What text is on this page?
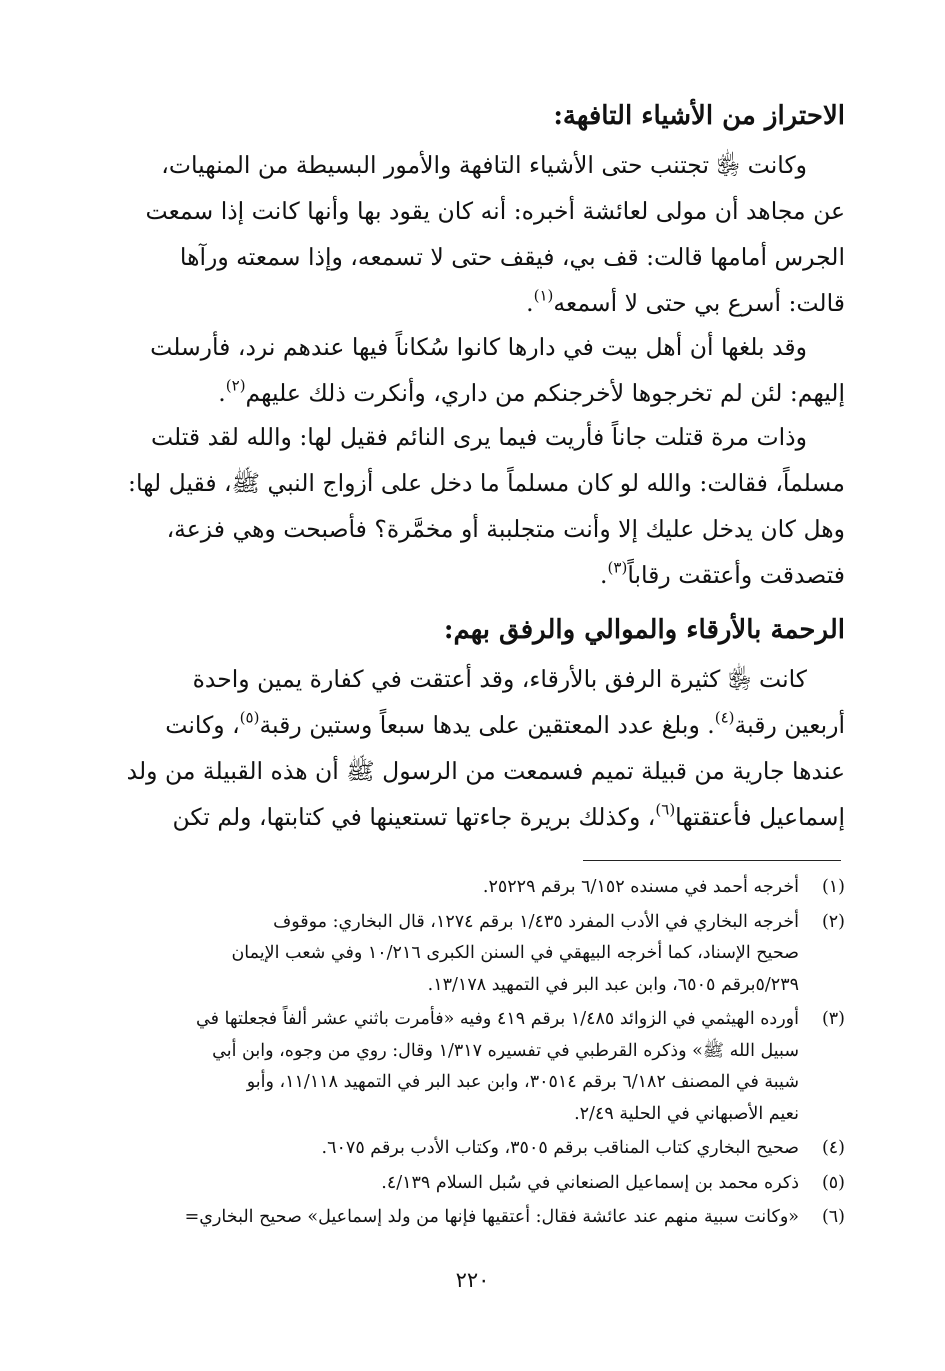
الاحتراز من الأشياء التافهة:

وكانت ﵂ تجتنب حتى الأشياء التافهة والأمور البسيطة من المنهيات،
عن مجاهد أن مولى لعائشة أخبره: أنه كان يقود بها وأنها كانت إذا سمعت
الجرس أمامها قالت: قف بي، فيقف حتى لا تسمعه، وإذا سمعته ورآها
قالت: أسرع بي حتى لا أسمعه$^{(١)}$.

وقد بلغها أن أهل بيت في دارها كانوا سُكاناً فيها عندهم نرد، فأرسلت
إليهم: لئن لم تخرجوها لأخرجنكم من داري، وأنكرت ذلك عليهم$^{(٢)}$.

وذات مرة قتلت جاناً فأريت فيما يرى النائم فقيل لها: والله لقد قتلت
مسلماً، فقالت: والله لو كان مسلماً ما دخل على أزواج النبي ﷺ، فقيل لها:
وهل كان يدخل عليك إلا وأنت متجلببة أو مخمَّرة؟ فأصبحت وهي فزعة،
فتصدقت وأعتقت رقاباً$^{(٣)}$.

الرحمة بالأرقاء والموالي والرفق بهم:

كانت ﵂ كثيرة الرفق بالأرقاء، وقد أعتقت في كفارة يمين واحدة
أربعين رقبة$^{(٤)}$. وبلغ عدد المعتقين على يدها سبعاً وستين رقبة$^{(٥)}$، وكانت
عندها جارية من قبيلة تميم فسمعت من الرسول ﷺ أن هذه القبيلة من ولد
إسماعيل فأعتقتها$^{(٦)}$، وكذلك بريرة جاءتها تستعينها في كتابتها، ولم تكن

(١)
أخرجه أحمد في مسنده ٦/١٥٢ برقم ٢٥٢٢٩.
(٢)
أخرجه البخاري في الأدب المفرد ١/٤٣٥ برقم ١٢٧٤، قال البخاري: موقوف
صحيح الإسناد، كما أخرجه البيهقي في السنن الكبرى ١٠/٢١٦ وفي شعب الإيمان
٥/٢٣٩برقم ٦٥٠٥، وابن عبد البر في التمهيد ١٣/١٧٨.
(٣)
أورده الهيثمي في الزوائد ١/٤٨٥ برقم ٤١٩ وفيه «فأمرت باثني عشر ألفاً فجعلتها في
سبيل الله ﷺ» وذكره القرطبي في تفسيره ١/٣١٧ وقال: روي من وجوه، وابن أبي
شيبة في المصنف ٦/١٨٢ برقم ٣٠٥١٤، وابن عبد البر في التمهيد ١١/١١٨، وأبو
نعيم الأصبهاني في الحلية ٢/٤٩.
(٤)
صحيح البخاري كتاب المناقب برقم ٣٥٠٥، وكتاب الأدب برقم ٦٠٧٥.
(٥)
ذكره محمد بن إسماعيل الصنعاني في سُبل السلام ٤/١٣٩.
(٦)
«وكانت سبية منهم عند عائشة فقال: أعتقيها فإنها من ولد إسماعيل» صحيح البخاري=
٢٢٠
